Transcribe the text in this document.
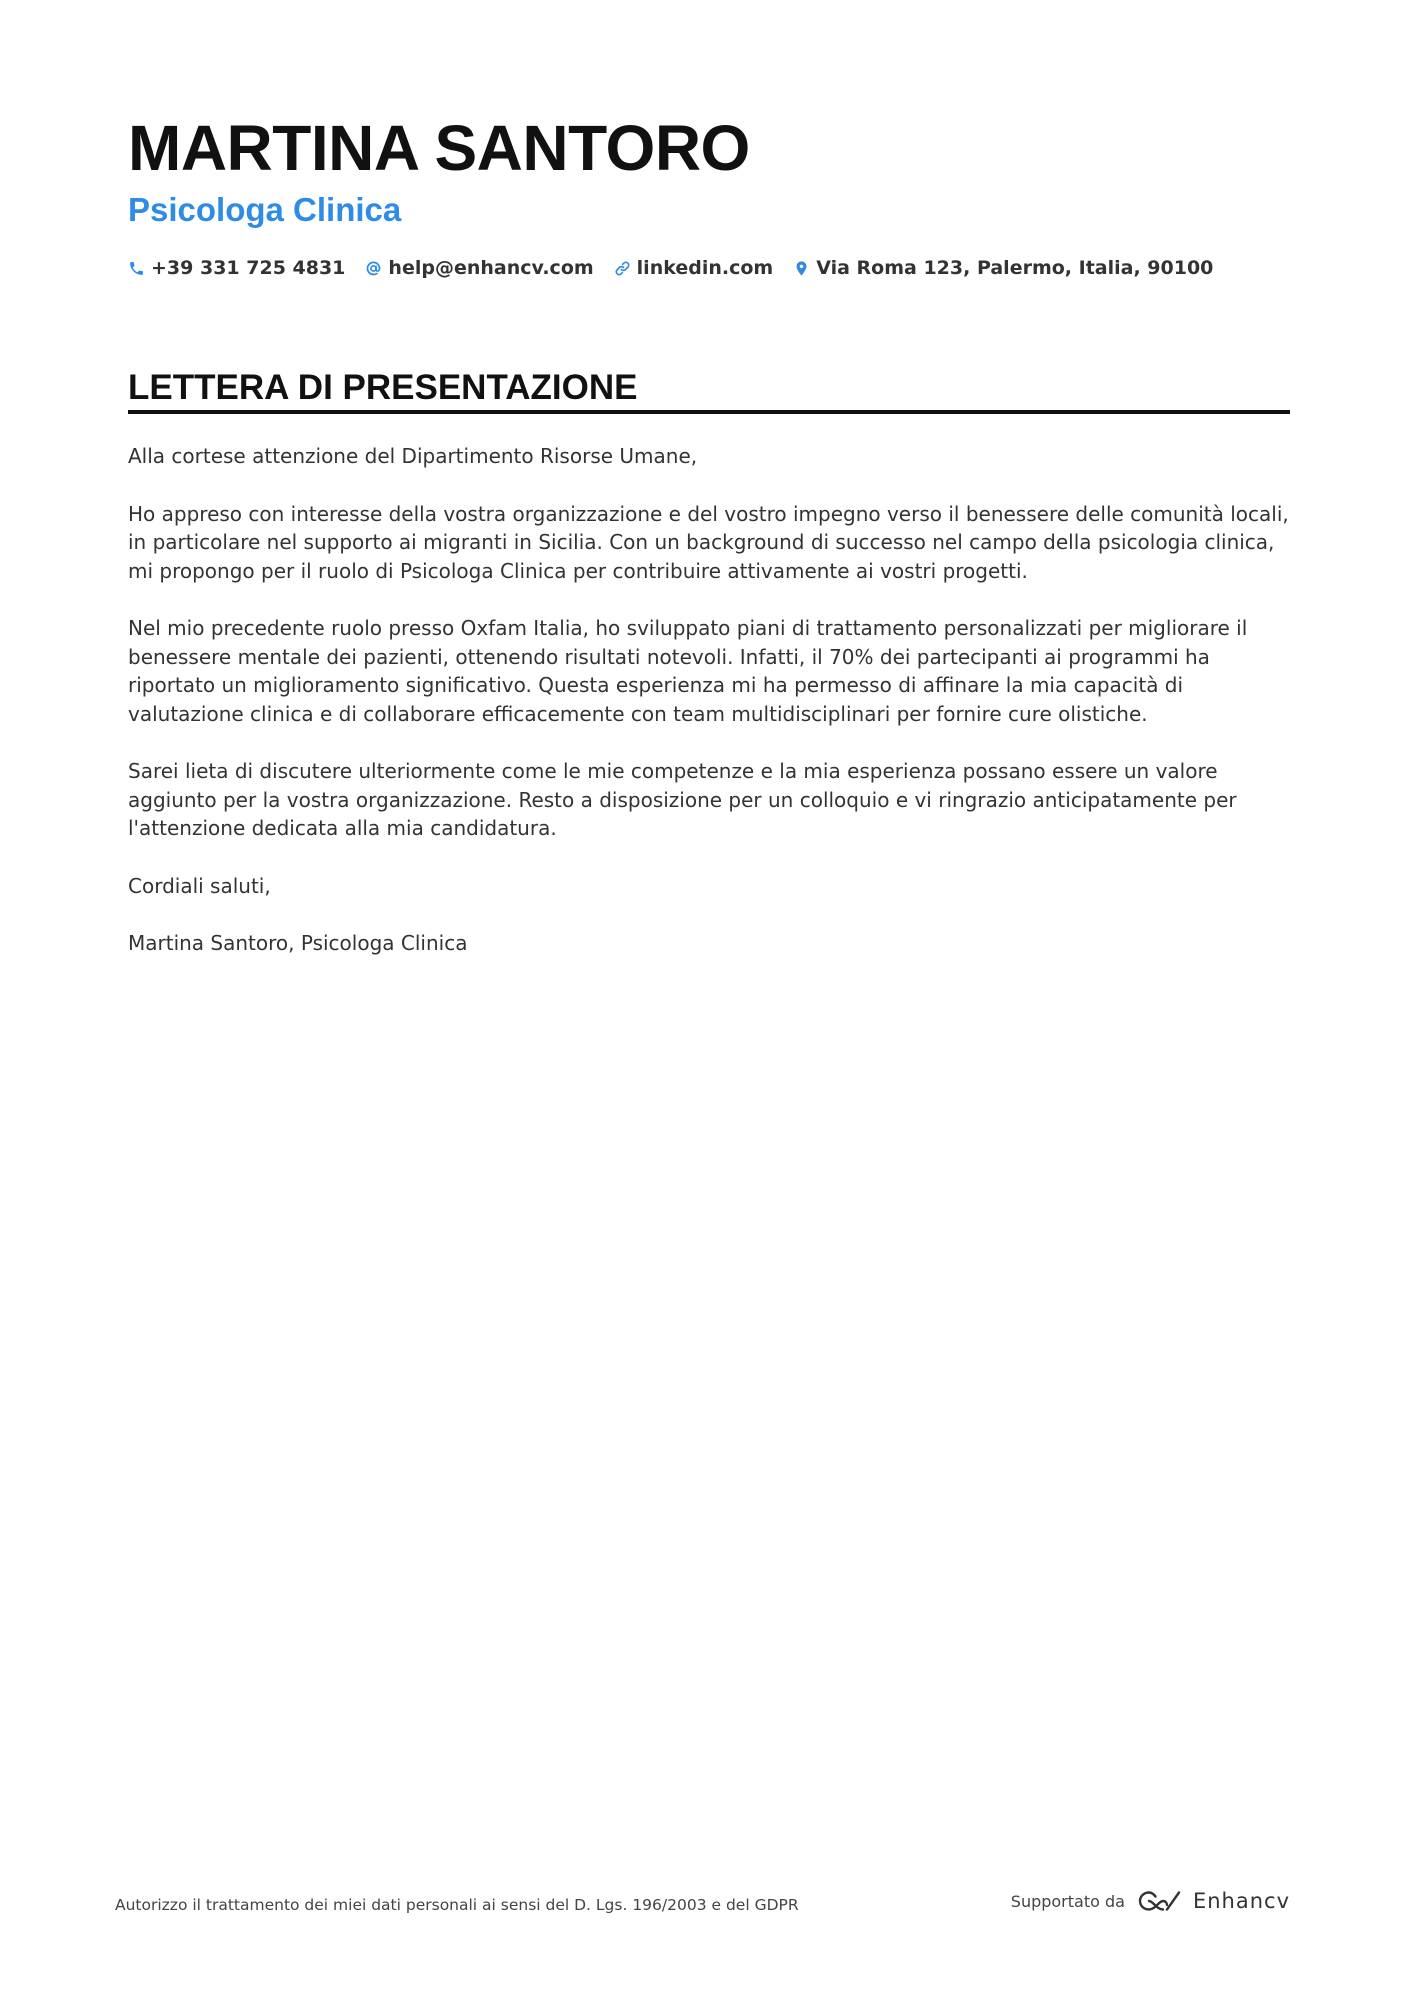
MARTINA SANTORO
Psicologa Clinica
+39 331 725 4831 help@enhancv.com linkedin.com Via Roma 123, Palermo, Italia, 90100
LETTERA DI PRESENTAZIONE

Alla cortese attenzione del Dipartimento Risorse Umane,

Ho appreso con interesse della vostra organizzazione e del vostro impegno verso il benessere delle comunità locali, in particolare nel supporto ai migranti in Sicilia. Con un background di successo nel campo della psicologia clinica, mi propongo per il ruolo di Psicologa Clinica per contribuire attivamente ai vostri progetti.

Nel mio precedente ruolo presso Oxfam Italia, ho sviluppato piani di trattamento personalizzati per migliorare il benessere mentale dei pazienti, ottenendo risultati notevoli. Infatti, il 70% dei partecipanti ai programmi ha riportato un miglioramento significativo. Questa esperienza mi ha permesso di affinare la mia capacità di valutazione clinica e di collaborare efficacemente con team multidisciplinari per fornire cure olistiche.

Sarei lieta di discutere ulteriormente come le mie competenze e la mia esperienza possano essere un valore aggiunto per la vostra organizzazione. Resto a disposizione per un colloquio e vi ringrazio anticipatamente per l'attenzione dedicata alla mia candidatura.

Cordiali saluti,

Martina Santoro, Psicologa Clinica

Autorizzo il trattamento dei miei dati personali ai sensi del D. Lgs. 196/2003 e del GDPR	Supportato da	Enhancv
